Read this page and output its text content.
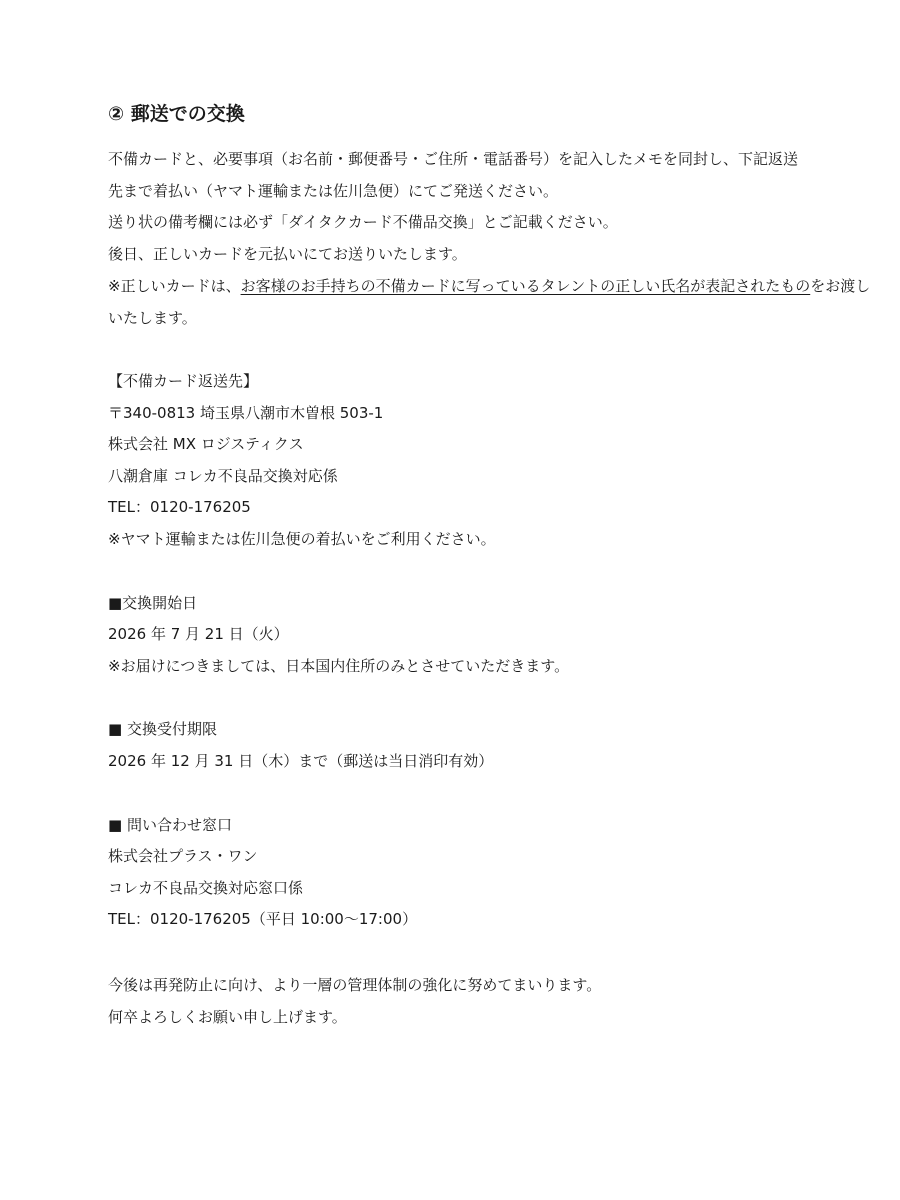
② 郵送での交換
不備カードと、必要事項（お名前・郵便番号・ご住所・電話番号）を記入したメモを同封し、下記返送
先まで着払い（ヤマト運輸または佐川急便）にてご発送ください。
送り状の備考欄には必ず「ダイタクカード不備品交換」とご記載ください。
後日、正しいカードを元払いにてお送りいたします。
※正しいカードは、お客様のお手持ちの不備カードに写っているタレントの正しい氏名が表記されたものをお渡し
いたします。
【不備カード返送先】
〒340-0813 埼玉県八潮市木曽根 503-1
株式会社 MX ロジスティクス
八潮倉庫 コレカ不良品交換対応係
TEL：0120-176205
※ヤマト運輸または佐川急便の着払いをご利用ください。
■交換開始日
2026 年 7 月 21 日（火）
※お届けにつきましては、日本国内住所のみとさせていただきます。
■ 交換受付期限
2026 年 12 月 31 日（木）まで（郵送は当日消印有効）
■ 問い合わせ窓口
株式会社プラス・ワン
コレカ不良品交換対応窓口係
TEL：0120-176205（平日 10:00～17:00）
今後は再発防止に向け、より一層の管理体制の強化に努めてまいります。
何卒よろしくお願い申し上げます。
